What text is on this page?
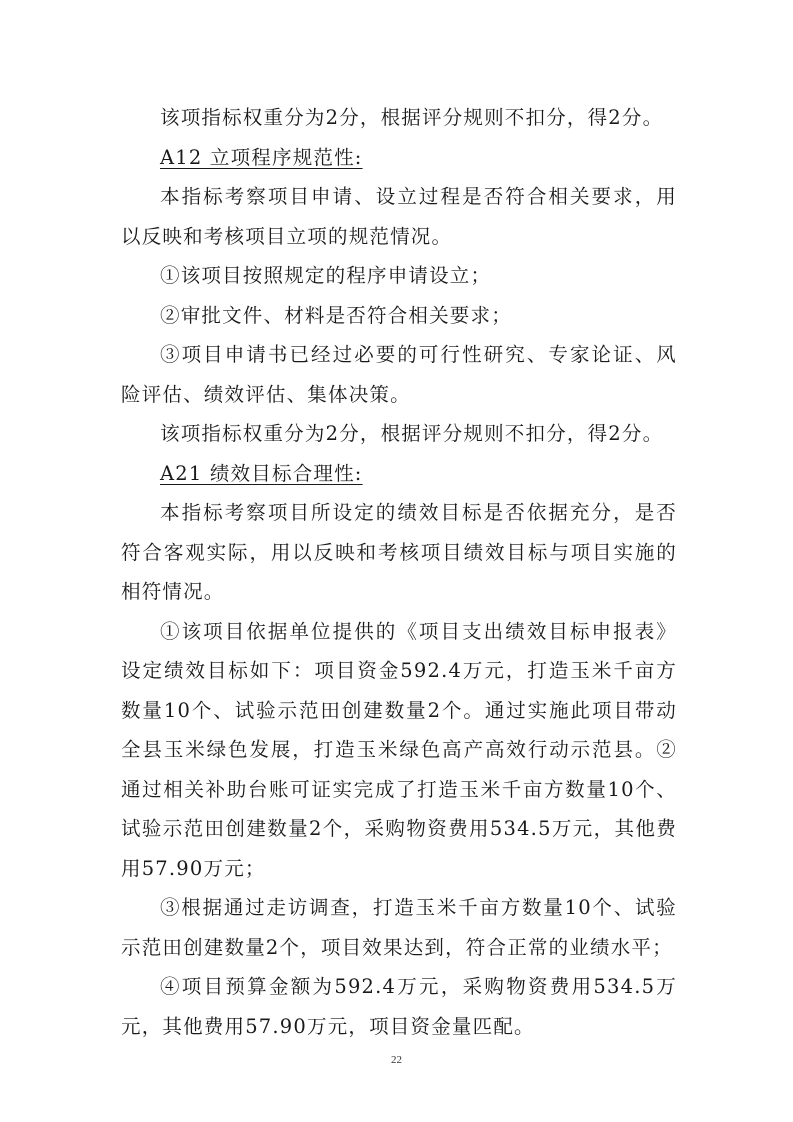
该项指标权重分为2分，根据评分规则不扣分，得2分。

A12 立项程序规范性:

本指标考察项目申请、设立过程是否符合相关要求，用以反映和考核项目立项的规范情况。

①该项目按照规定的程序申请设立；

②审批文件、材料是否符合相关要求；

③项目申请书已经过必要的可行性研究、专家论证、风险评估、绩效评估、集体决策。

该项指标权重分为2分，根据评分规则不扣分，得2分。

A21 绩效目标合理性:

本指标考察项目所设定的绩效目标是否依据充分，是否符合客观实际，用以反映和考核项目绩效目标与项目实施的相符情况。

①该项目依据单位提供的《项目支出绩效目标申报表》设定绩效目标如下：项目资金592.4万元，打造玉米千亩方数量10个、试验示范田创建数量2个。通过实施此项目带动全县玉米绿色发展，打造玉米绿色高产高效行动示范县。②通过相关补助台账可证实完成了打造玉米千亩方数量10个、试验示范田创建数量2个，采购物资费用534.5万元，其他费用57.90万元；

③根据通过走访调查，打造玉米千亩方数量10个、试验示范田创建数量2个，项目效果达到，符合正常的业绩水平；

④项目预算金额为592.4万元，采购物资费用534.5万元，其他费用57.90万元，项目资金量匹配。

22
